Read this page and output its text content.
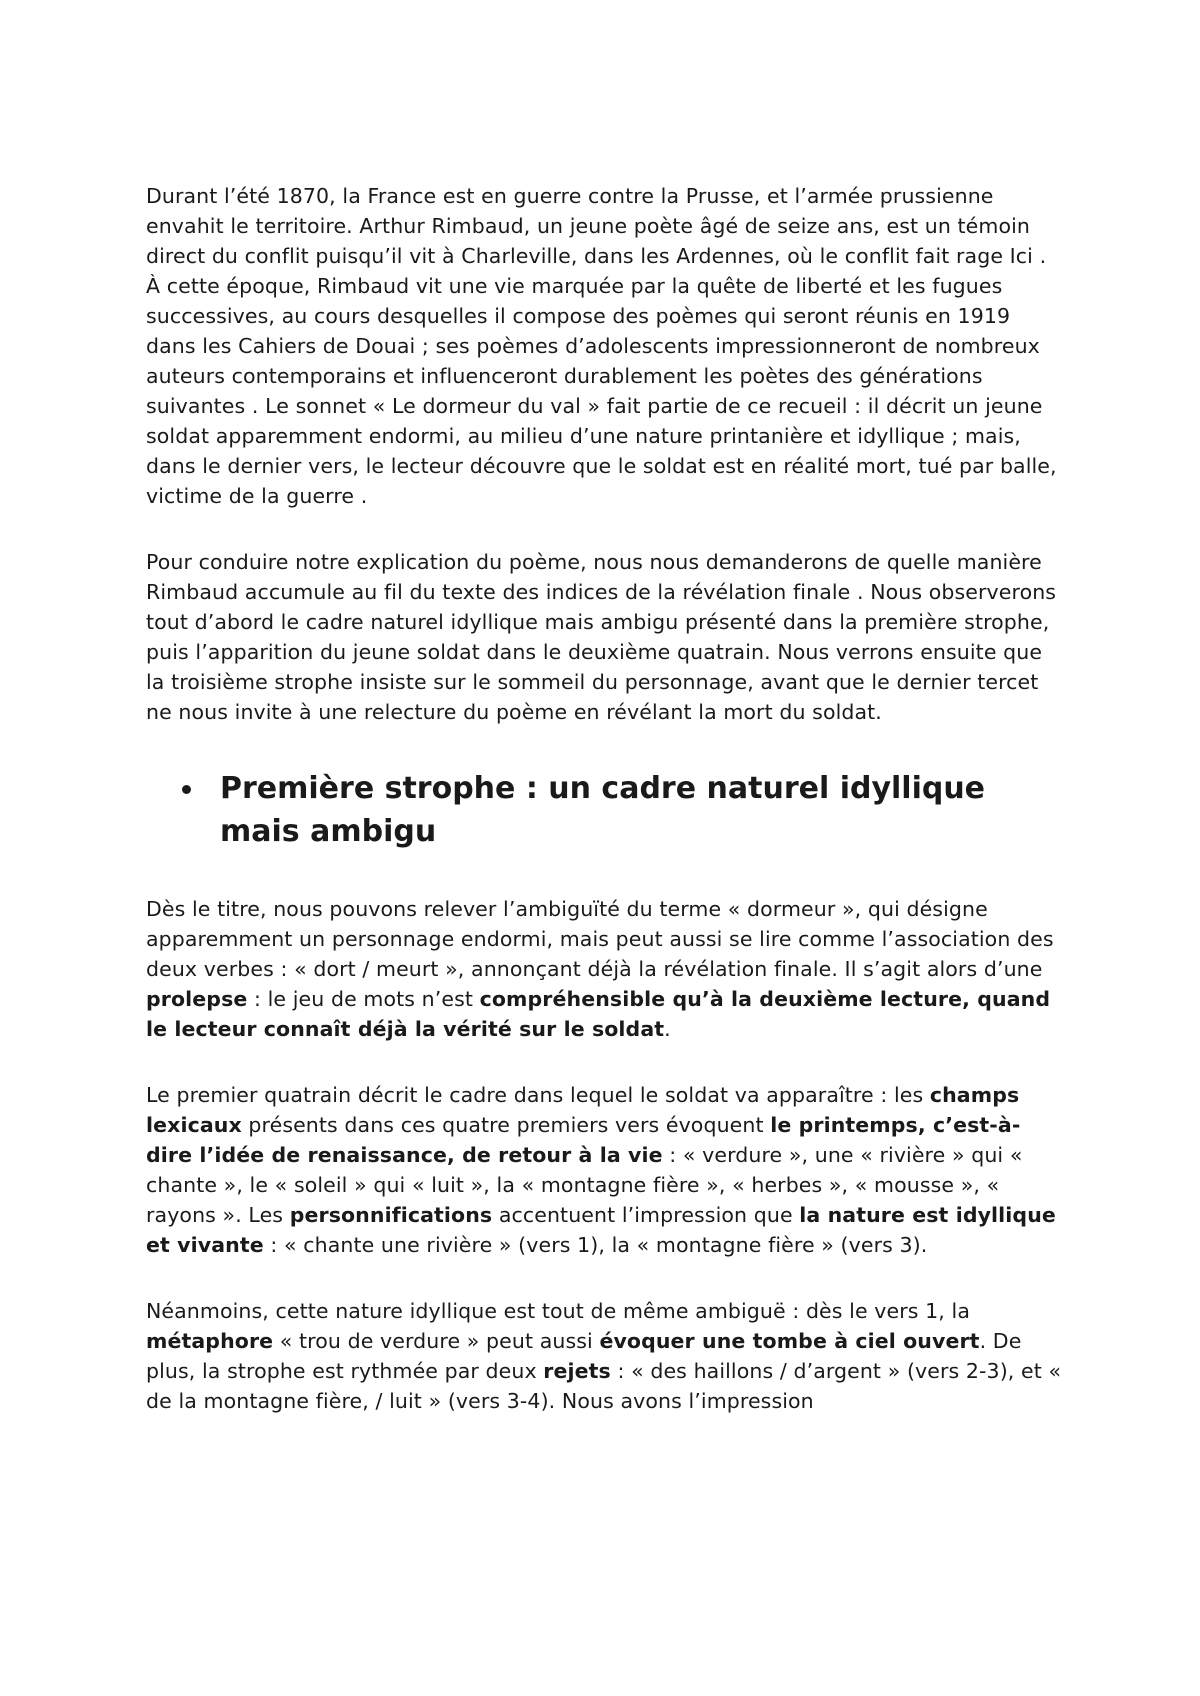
Durant l’été 1870, la France est en guerre contre la Prusse, et l’armée prussienne envahit le territoire. Arthur Rimbaud, un jeune poète âgé de seize ans, est un témoin direct du conflit puisqu’il vit à Charleville, dans les Ardennes, où le conflit fait rage Ici . À cette époque, Rimbaud vit une vie marquée par la quête de liberté et les fugues successives, au cours desquelles il compose des poèmes qui seront réunis en 1919 dans les Cahiers de Douai ; ses poèmes d’adolescents impressionneront de nombreux auteurs contemporains et influenceront durablement les poètes des générations suivantes . Le sonnet « Le dormeur du val » fait partie de ce recueil : il décrit un jeune soldat apparemment endormi, au milieu d’une nature printanière et idyllique ; mais, dans le dernier vers, le lecteur découvre que le soldat est en réalité mort, tué par balle, victime de la guerre .

Pour conduire notre explication du poème, nous nous demanderons de quelle manière Rimbaud accumule au fil du texte des indices de la révélation finale . Nous observerons tout d’abord le cadre naturel idyllique mais ambigu présenté dans la première strophe, puis l’apparition du jeune soldat dans le deuxième quatrain. Nous verrons ensuite que la troisième strophe insiste sur le sommeil du personnage, avant que le dernier tercet ne nous invite à une relecture du poème en révélant la mort du soldat.

Première strophe : un cadre naturel idyllique mais ambigu

Dès le titre, nous pouvons relever l’ambiguïté du terme « dormeur », qui désigne apparemment un personnage endormi, mais peut aussi se lire comme l’association des deux verbes : « dort / meurt », annonçant déjà la révélation finale. Il s’agit alors d’une prolepse : le jeu de mots n’est compréhensible qu’à la deuxième lecture, quand le lecteur connaît déjà la vérité sur le soldat.

Le premier quatrain décrit le cadre dans lequel le soldat va apparaître : les champs lexicaux présents dans ces quatre premiers vers évoquent le printemps, c’est-à-dire l’idée de renaissance, de retour à la vie : « verdure », une « rivière » qui « chante », le « soleil » qui « luit », la « montagne fière », « herbes », « mousse », « rayons ». Les personnifications accentuent l’impression que la nature est idyllique et vivante : « chante une rivière » (vers 1), la « montagne fière » (vers 3).

Néanmoins, cette nature idyllique est tout de même ambiguë : dès le vers 1, la métaphore « trou de verdure » peut aussi évoquer une tombe à ciel ouvert. De plus, la strophe est rythmée par deux rejets : « des haillons / d’argent » (vers 2-3), et « de la montagne fière, / luit » (vers 3-4). Nous avons l’impression
